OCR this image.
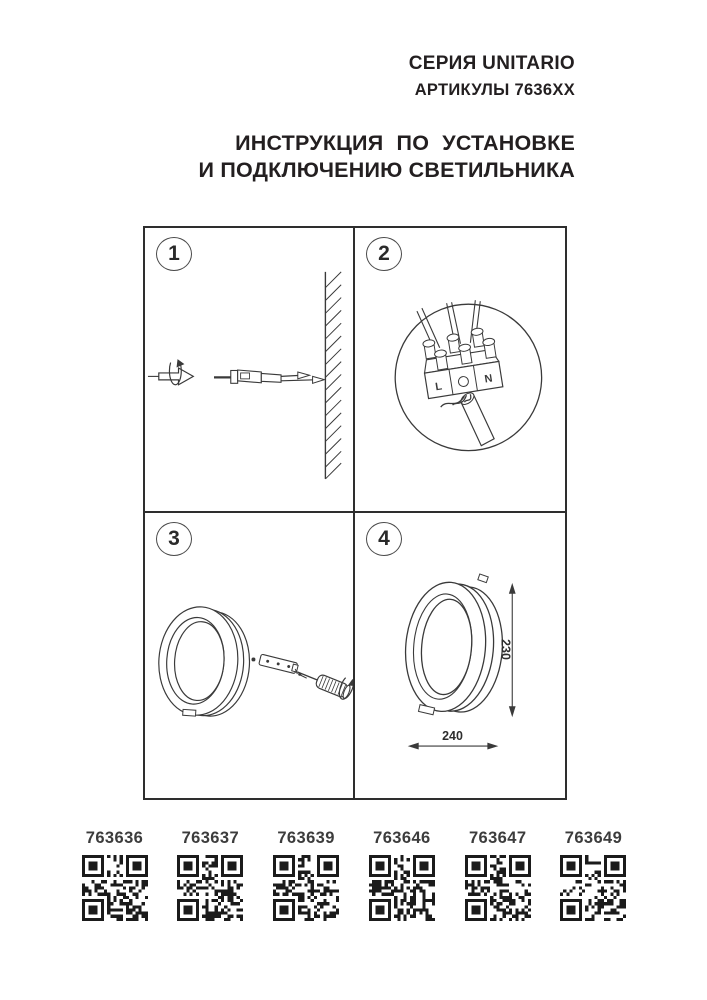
СЕРИЯ UNITARIO
АРТИКУЛЫ 7636XX
ИНСТРУКЦИЯ ПО УСТАНОВКЕ
И ПОДКЛЮЧЕНИЮ СВЕТИЛЬНИКА
1	2
L
N
3	4
230
240
763636 763637 763639 763646 763647 763649
